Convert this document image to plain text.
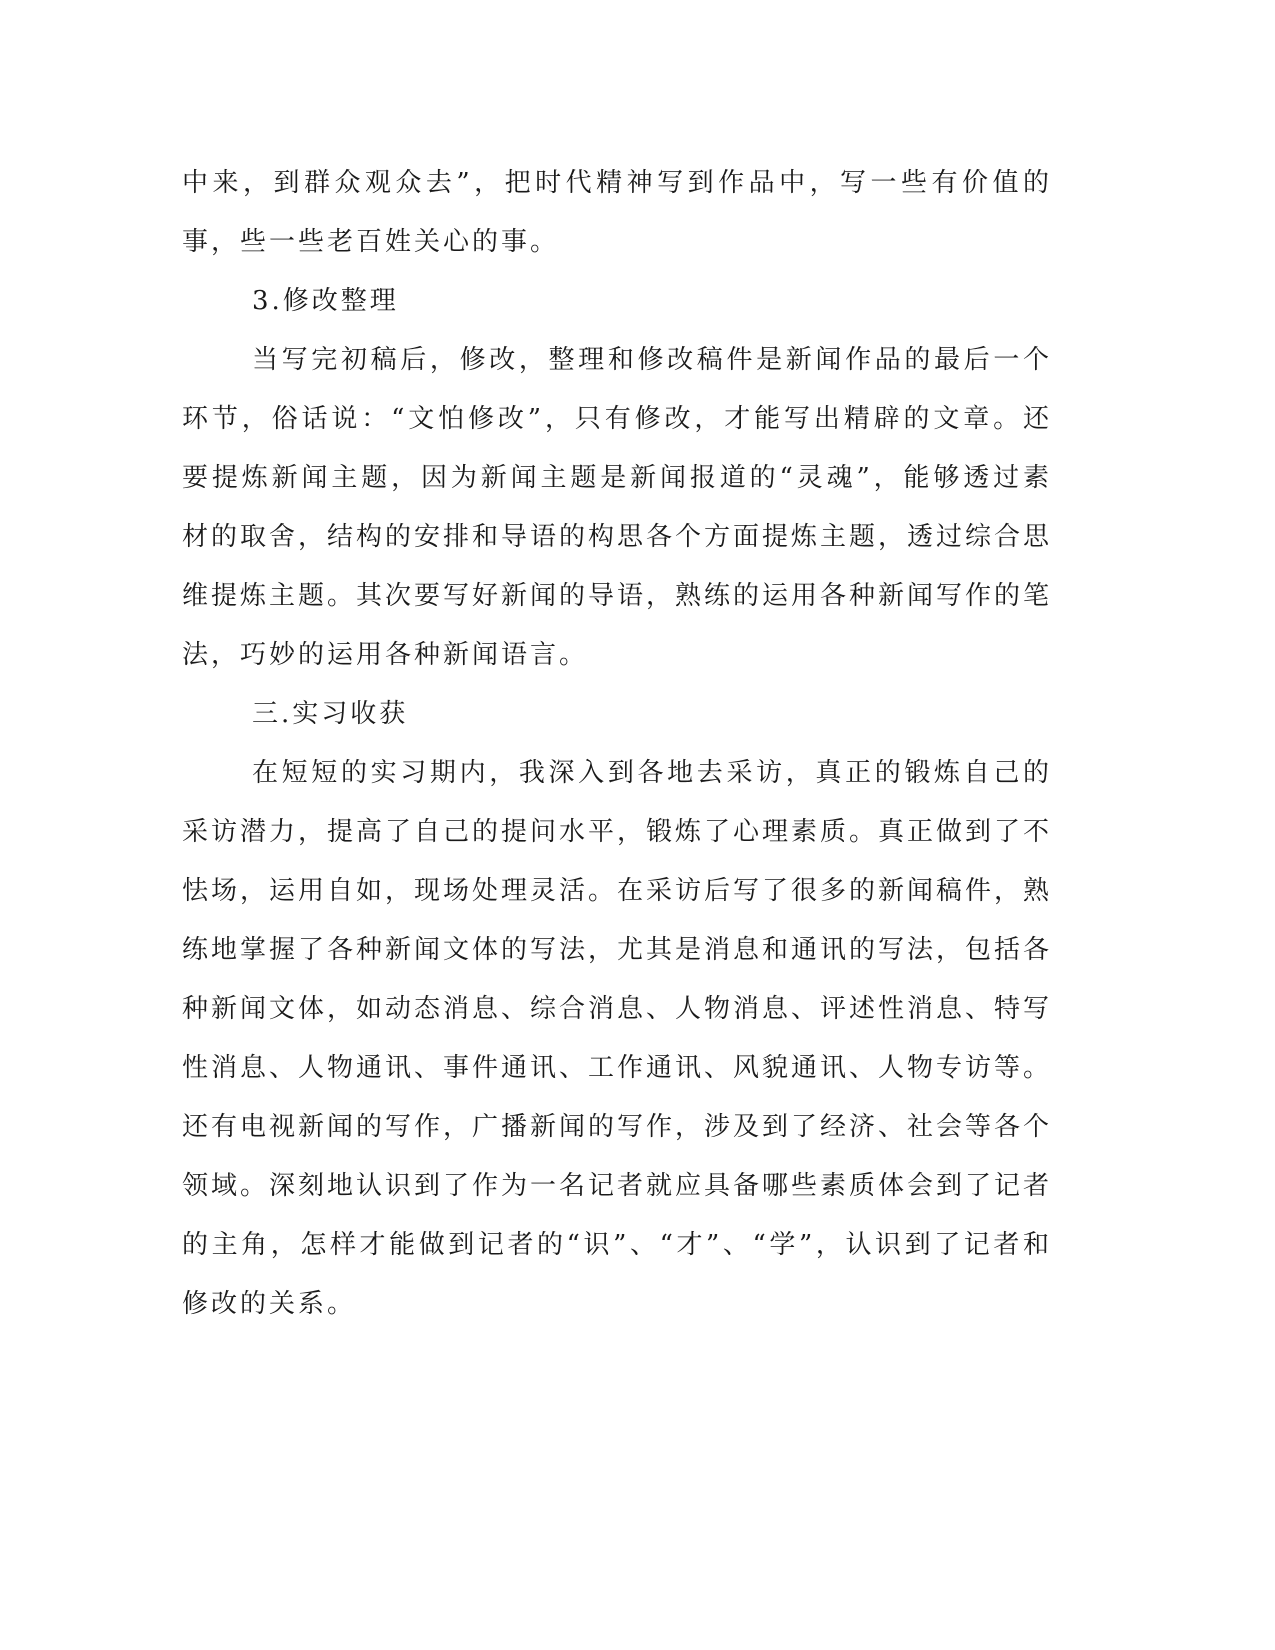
中来，到群众观众去”，把时代精神写到作品中，写一些有价值的事，些一些老百姓关心的事。

3.修改整理

当写完初稿后，修改，整理和修改稿件是新闻作品的最后一个环节，俗话说：“文怕修改”，只有修改，才能写出精辟的文章。还要提炼新闻主题，因为新闻主题是新闻报道的“灵魂”，能够透过素材的取舍，结构的安排和导语的构思各个方面提炼主题，透过综合思维提炼主题。其次要写好新闻的导语，熟练的运用各种新闻写作的笔法，巧妙的运用各种新闻语言。

三.实习收获

在短短的实习期内，我深入到各地去采访，真正的锻炼自己的采访潜力，提高了自己的提问水平，锻炼了心理素质。真正做到了不怯场，运用自如，现场处理灵活。在采访后写了很多的新闻稿件，熟练地掌握了各种新闻文体的写法，尤其是消息和通讯的写法，包括各种新闻文体，如动态消息、综合消息、人物消息、评述性消息、特写性消息、人物通讯、事件通讯、工作通讯、风貌通讯、人物专访等。还有电视新闻的写作，广播新闻的写作，涉及到了经济、社会等各个领域。深刻地认识到了作为一名记者就应具备哪些素质体会到了记者的主角，怎样才能做到记者的“识”、“才”、“学”，认识到了记者和修改的关系。
